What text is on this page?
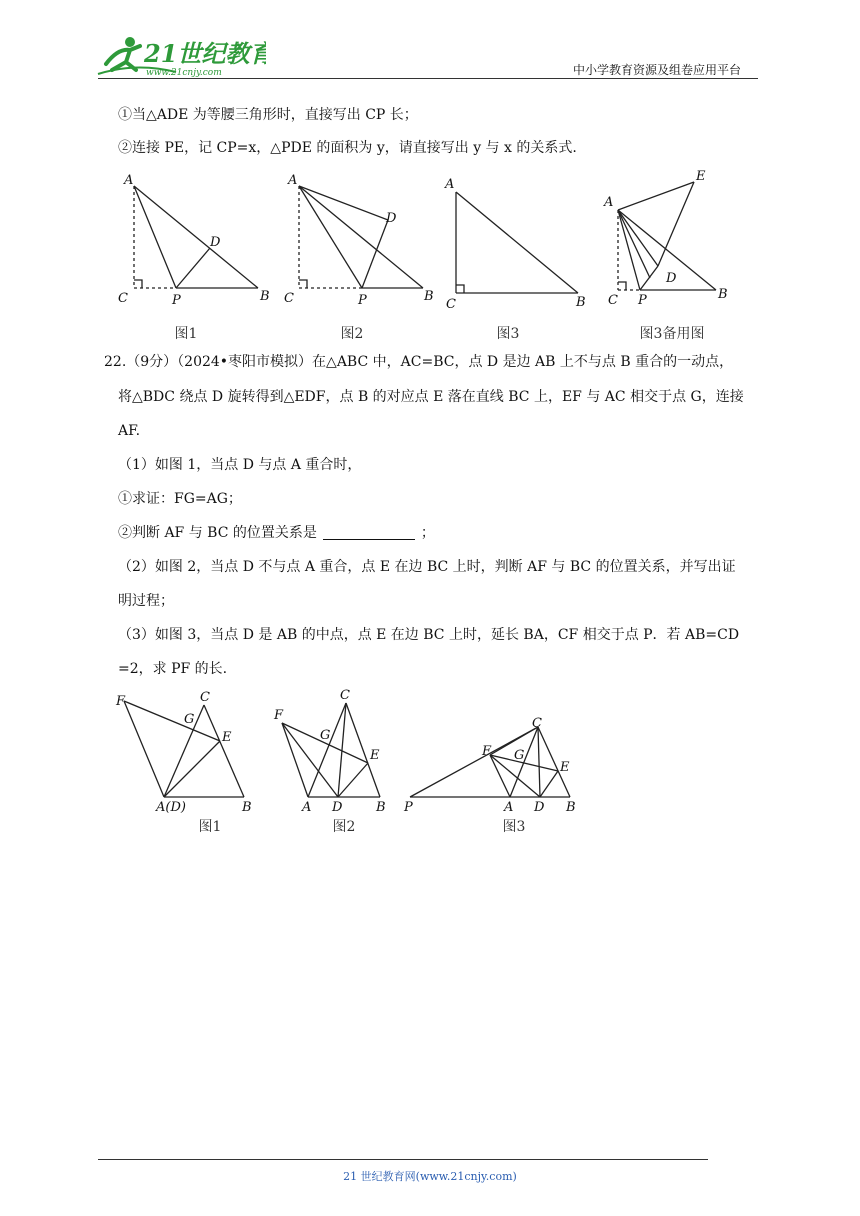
21世纪教育
www.21cnjy.com	中小学教育资源及组卷应用平台
①当△ADE 为等腰三角形时，直接写出 CP 长；
②连接 PE，记 CP=x，△PDE 的面积为 y，请直接写出 y 与 x 的关系式.
A
C	P	B
D
A
C	P	B
D
A
C	B
A
C P	B
E
D
图1	图2	图3	图3备用图
22.（9分）（2024•枣阳市模拟）在△ABC 中，AC=BC，点 D 是边 AB 上不与点 B 重合的一动点，
将△BDC 绕点 D 旋转得到△EDF，点 B 的对应点 E 落在直线 BC 上，EF 与 AC 相交于点 G，连接
AF.
（1）如图 1，当点 D 与点 A 重合时，
①求证：FG=AG；
②判断 AF 与 BC 的位置关系是	；
（2）如图 2，当点 D 不与点 A 重合，点 E 在边 BC 上时，判断 AF 与 BC 的位置关系，并写出证
明过程；
（3）如图 3，当点 D 是 AB 的中点，点 E 在边 BC 上时，延长 BA，CF 相交于点 P．若 AB=CD
=2，求 PF 的长.
F	C
G
E
A(D)	B
F
C
G
E
A D	B P
F
C
G
E
A D B
图1	图2	图3
21 世纪教育网(www.21cnjy.com)
